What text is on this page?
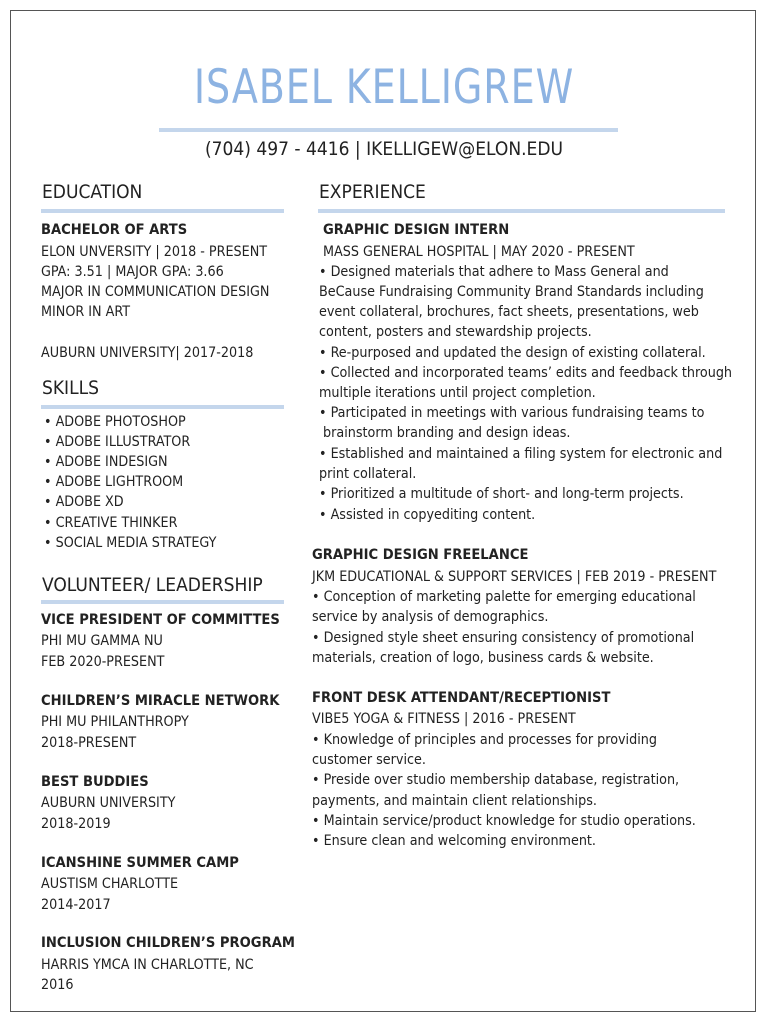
ISABEL KELLIGREW
(704) 497 - 4416 | IKELLIGEW@ELON.EDU
EDUCATION
BACHELOR OF ARTS
ELON UNVERSITY | 2018 - PRESENT
GPA: 3.51 | MAJOR GPA: 3.66
MAJOR IN COMMUNICATION DESIGN
MINOR IN ART
AUBURN UNIVERSITY| 2017-2018
SKILLS
• ADOBE PHOTOSHOP
• ADOBE ILLUSTRATOR
• ADOBE INDESIGN
• ADOBE LIGHTROOM
• ADOBE XD
• CREATIVE THINKER
• SOCIAL MEDIA STRATEGY
VOLUNTEER/ LEADERSHIP
VICE PRESIDENT OF COMMITTES
PHI MU GAMMA NU
FEB 2020-PRESENT
CHILDREN’S MIRACLE NETWORK
PHI MU PHILANTHROPY
2018-PRESENT
BEST BUDDIES
AUBURN UNIVERSITY
2018-2019
ICANSHINE SUMMER CAMP
AUSTISM CHARLOTTE
2014-2017
INCLUSION CHILDREN’S PROGRAM
HARRIS YMCA IN CHARLOTTE, NC
2016
EXPERIENCE
GRAPHIC DESIGN INTERN
MASS GENERAL HOSPITAL | MAY 2020 - PRESENT
• Designed materials that adhere to Mass General and
BeCause Fundraising Community Brand Standards including
event collateral, brochures, fact sheets, presentations, web
content, posters and stewardship projects.
• Re-purposed and updated the design of existing collateral.
• Collected and incorporated teams’ edits and feedback through
multiple iterations until project completion.
• Participated in meetings with various fundraising teams to
brainstorm branding and design ideas.
• Established and maintained a filing system for electronic and
print collateral.
• Prioritized a multitude of short- and long-term projects.
• Assisted in copyediting content.
GRAPHIC DESIGN FREELANCE
JKM EDUCATIONAL & SUPPORT SERVICES | FEB 2019 - PRESENT
• Conception of marketing palette for emerging educational
service by analysis of demographics.
• Designed style sheet ensuring consistency of promotional
materials, creation of logo, business cards & website.
FRONT DESK ATTENDANT/RECEPTIONIST
VIBE5 YOGA & FITNESS | 2016 - PRESENT
• Knowledge of principles and processes for providing
customer service.
• Preside over studio membership database, registration,
payments, and maintain client relationships.
• Maintain service/product knowledge for studio operations.
• Ensure clean and welcoming environment.
